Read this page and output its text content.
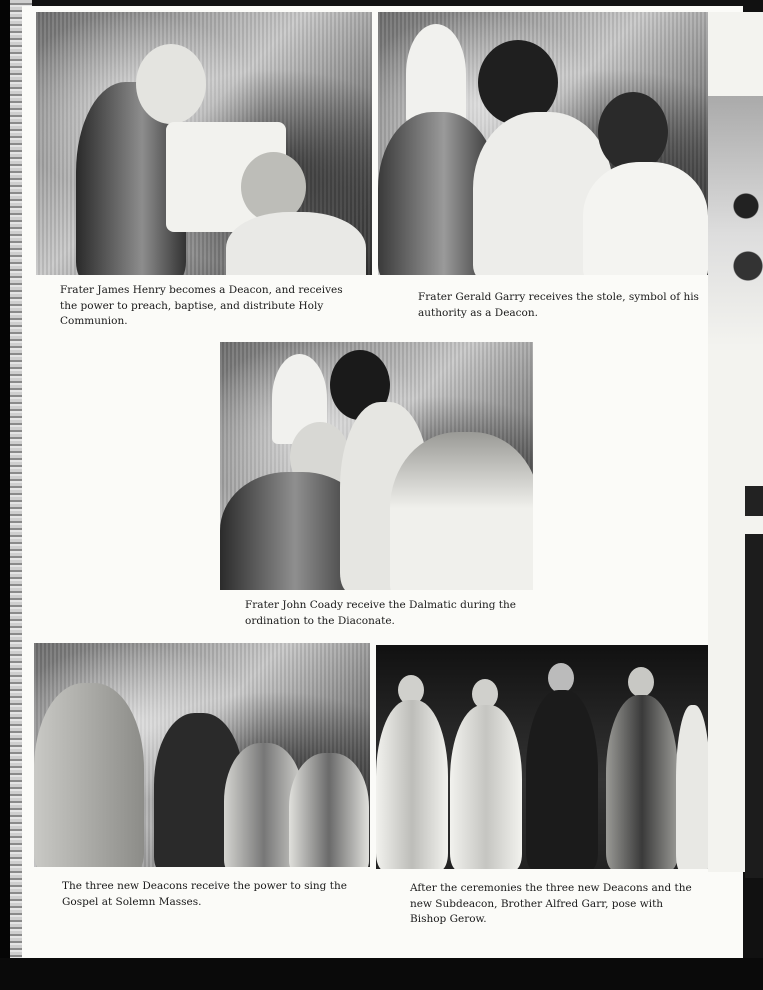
Frater James Henry becomes a Deacon, and receives the power to preach, baptise, and distribute Holy Communion.

Frater Gerald Garry receives the stole, symbol of his authority as a Deacon.

Frater John Coady receive the Dalmatic during the ordination to the Diaconate.

The three new Deacons receive the power to sing the Gospel at Solemn Masses.

After the ceremonies the three new Deacons and the new Subdeacon, Brother Alfred Garr, pose with Bishop Gerow.
